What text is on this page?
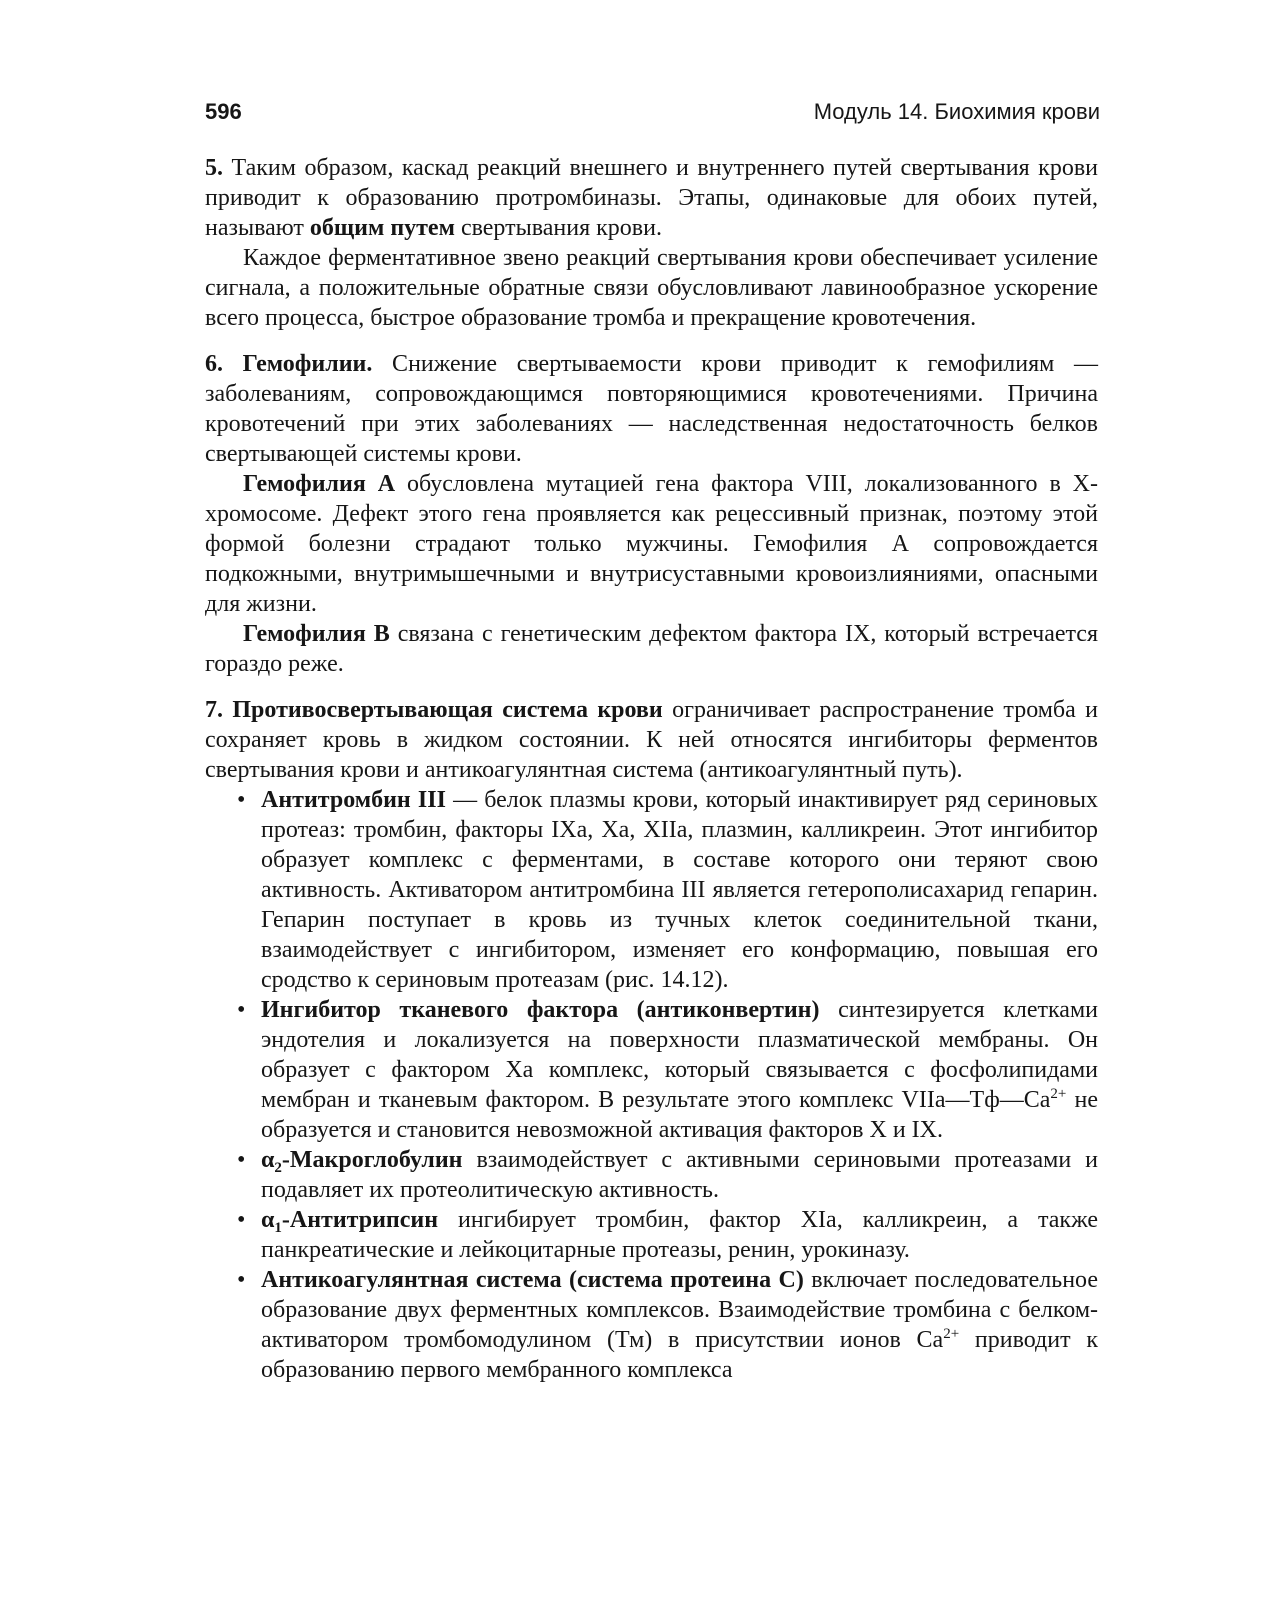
596	Модуль 14. Биохимия крови

5. Таким образом, каскад реакций внешнего и внутреннего путей свертывания крови приводит к образованию протромбиназы. Этапы, одинаковые для обоих путей, называют общим путем свертывания крови.

Каждое ферментативное звено реакций свертывания крови обеспечивает усиление сигнала, а положительные обратные связи обусловливают лавинообразное ускорение всего процесса, быстрое образование тромба и прекращение кровотечения.

6. Гемофилии. Снижение свертываемости крови приводит к гемофилиям — заболеваниям, сопровождающимся повторяющимися кровотечениями. Причина кровотечений при этих заболеваниях — наследственная недостаточность белков свертывающей системы крови.

Гемофилия А обусловлена мутацией гена фактора VIII, локализованного в Х-хромосоме. Дефект этого гена проявляется как рецессивный признак, поэтому этой формой болезни страдают только мужчины. Гемофилия А сопровождается подкожными, внутримышечными и внутрисуставными кровоизлияниями, опасными для жизни.

Гемофилия В связана с генетическим дефектом фактора IX, который встречается гораздо реже.

7. Противосвертывающая система крови ограничивает распространение тромба и сохраняет кровь в жидком состоянии. К ней относятся ингибиторы ферментов свертывания крови и антикоагулянтная система (антикоагулянтный путь).

• Антитромбин III — белок плазмы крови, который инактивирует ряд сериновых протеаз: тромбин, факторы IXa, Xa, XIIa, плазмин, калликреин. Этот ингибитор образует комплекс с ферментами, в составе которого они теряют свою активность. Активатором антитромбина III является гетерополисахарид гепарин. Гепарин поступает в кровь из тучных клеток соединительной ткани, взаимодействует с ингибитором, изменяет его конформацию, повышая его сродство к сериновым протеазам (рис. 14.12).
• Ингибитор тканевого фактора (антиконвертин) синтезируется клетками эндотелия и локализуется на поверхности плазматической мембраны. Он образует с фактором Ха комплекс, который связывается с фосфолипидами мембран и тканевым фактором. В результате этого комплекс $VIIa—Тф—Са^{2+}$ не образуется и становится невозможной активация факторов X и IX.
• $\alpha_2$-Макроглобулин взаимодействует с активными сериновыми протеазами и подавляет их протеолитическую активность.
• $\alpha_1$-Антитрипсин ингибирует тромбин, фактор XIa, калликреин, а также панкреатические и лейкоцитарные протеазы, ренин, урокиназу.
• Антикоагулянтная система (система протеина С) включает последовательное образование двух ферментных комплексов. Взаимодействие тромбина с белком-активатором тромбомодулином (Тм) в присутствии ионов $Са^{2+}$ приводит к образованию первого мембранного комплекса
